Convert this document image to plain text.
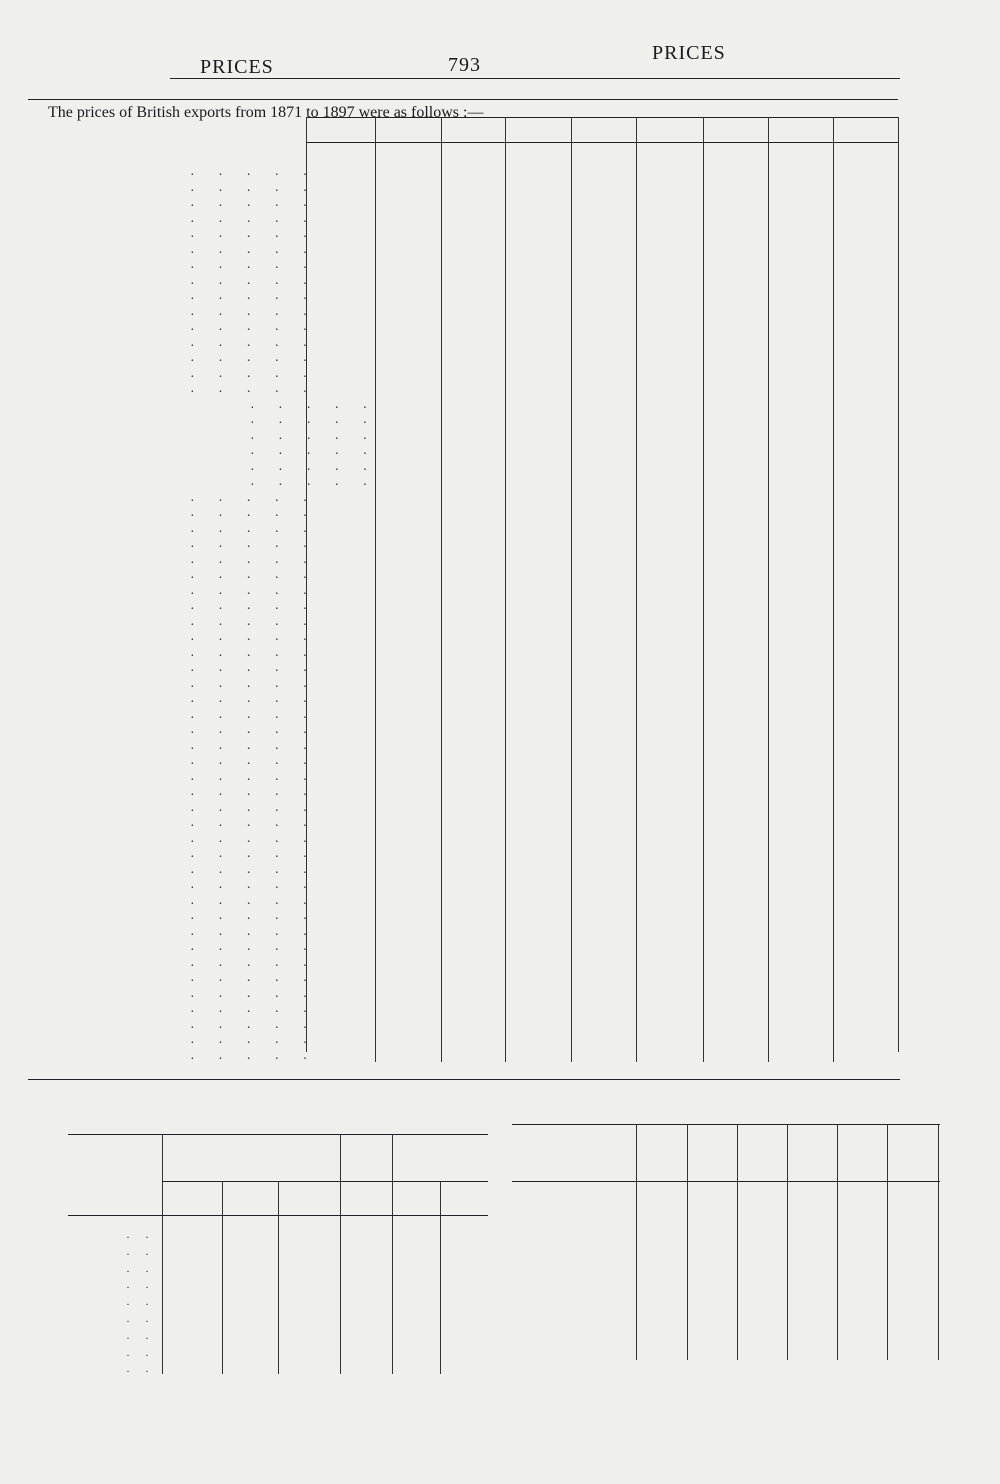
PRICES	793
PRICES
The prices of British exports from 1871 to 1897 were as follows :—
· · · · ·
· · · · ·
· · · · ·
· · · · ·
· · · · ·
· · · · ·
· · · · ·
· · · · ·
· · · · ·
· · · · ·
· · · · ·
· · · · ·
· · · · ·
· · · · ·
· · · · ·
· · · · ·
· · · · ·
· · · · ·
· · · · ·
· · · · ·
· · · · ·
· · · · ·
· · · · ·
· · · · ·
· · · · ·
· · · · ·
· · · · ·
· · · · ·
· · · · ·
· · · · ·
· · · · ·
· · · · ·
· · · · ·
· · · · ·
· · · · ·
· · · · ·
· · · · ·
· · · · ·
· · · · ·
· · · · ·
· · · · ·
· · · · ·
· · · · ·
· · · · ·
· · · · ·
· · · · ·
· · · · ·
· · · · ·
· · · · ·
· · · · ·
· · · · ·
· · · · ·
· · · · ·
· · · · ·
· · · · ·
· · · · ·
· · · · ·
· · · · ·
· ·
· ·
· ·
· ·
· ·
· ·
· ·
· ·
· ·
